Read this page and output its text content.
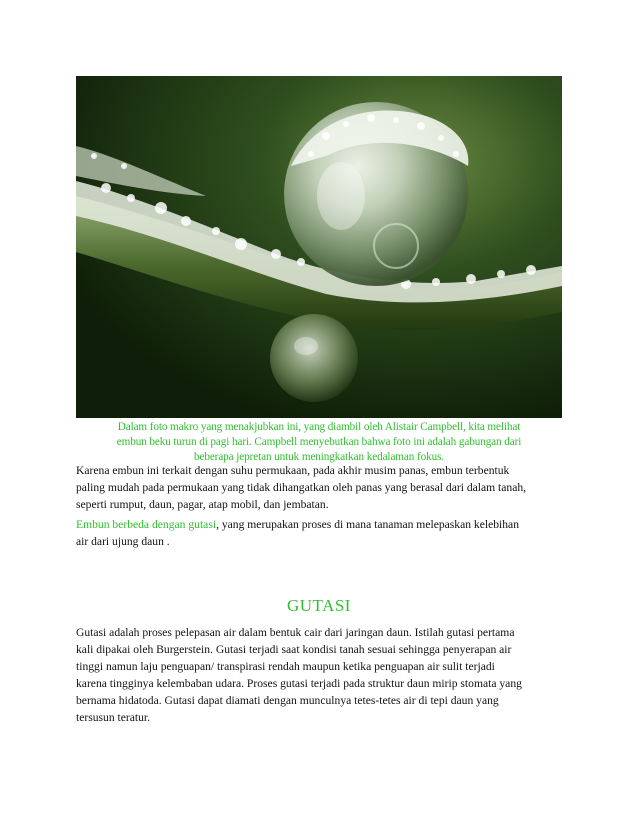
Dalam foto makro yang menakjubkan ini, yang diambil oleh Alistair Campbell, kita melihat
embun beku turun di pagi hari. Campbell menyebutkan bahwa foto ini adalah gabungan dari
beberapa jepretan untuk meningkatkan kedalaman fokus.
Karena embun ini terkait dengan suhu permukaan, pada akhir musim panas, embun terbentuk
paling mudah pada permukaan yang tidak dihangatkan oleh panas yang berasal dari dalam tanah,
seperti rumput, daun, pagar, atap mobil, dan jembatan.
Embun berbeda dengan gutasi, yang merupakan proses di mana tanaman melepaskan kelebihan
air dari ujung daun .
GUTASI
Gutasi adalah proses pelepasan air dalam bentuk cair dari jaringan daun. Istilah gutasi pertama
kali dipakai oleh Burgerstein. Gutasi terjadi saat kondisi tanah sesuai sehingga penyerapan air
tinggi namun laju penguapan/ transpirasi rendah maupun ketika penguapan air sulit terjadi
karena tingginya kelembaban udara. Proses gutasi terjadi pada struktur daun mirip stomata yang
bernama hidatoda. Gutasi dapat diamati dengan munculnya tetes-tetes air di tepi daun yang
tersusun teratur.
